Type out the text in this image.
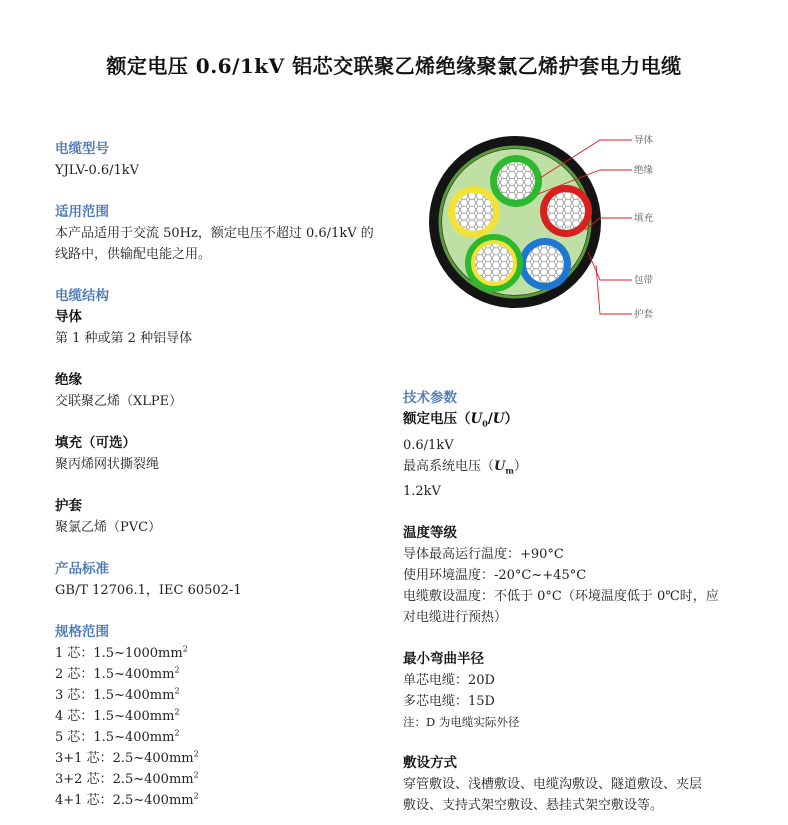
额定电压 0.6/1kV 铝芯交联聚乙烯绝缘聚氯乙烯护套电力电缆
电缆型号
YJLV-0.6/1kV
适用范围
本产品适用于交流 50Hz，额定电压不超过 0.6/1kV 的
线路中，供输配电能之用。
电缆结构
导体
第 1 种或第 2 种铝导体
绝缘
交联聚乙烯（XLPE）
填充（可选）
聚丙烯网状撕裂绳
护套
聚氯乙烯（PVC）
产品标准
GB/T 12706.1，IEC 60502-1
规格范围
1 芯：$1.5\sim 1000mm^2$
2 芯：$1.5\sim 400mm^2$
3 芯：$1.5\sim 400mm^2$
4 芯：$1.5\sim 400mm^2$
5 芯：$1.5\sim 400mm^2$
3+1 芯：$2.5\sim 400mm^2$
3+2 芯：$2.5\sim 400mm^2$
4+1 芯：$2.5\sim 400mm^2$
导体
绝缘
填充
包带
护套
技术参数
额定电压$(U_0/U)$
0.6/1kV
最高系统电压$(U_m)$
1.2kV
温度等级
导体最高运行温度：+90°C
使用环境温度：-20°C~+45°C
电缆敷设温度：不低于 0°C（环境温度低于 0℃时，应
对电缆进行预热）
最小弯曲半径
单芯电缆：20D
多芯电缆：15D
注：D 为电缆实际外径
敷设方式
穿管敷设、浅槽敷设、电缆沟敷设、隧道敷设、夹层
敷设、支持式架空敷设、悬挂式架空敷设等。
